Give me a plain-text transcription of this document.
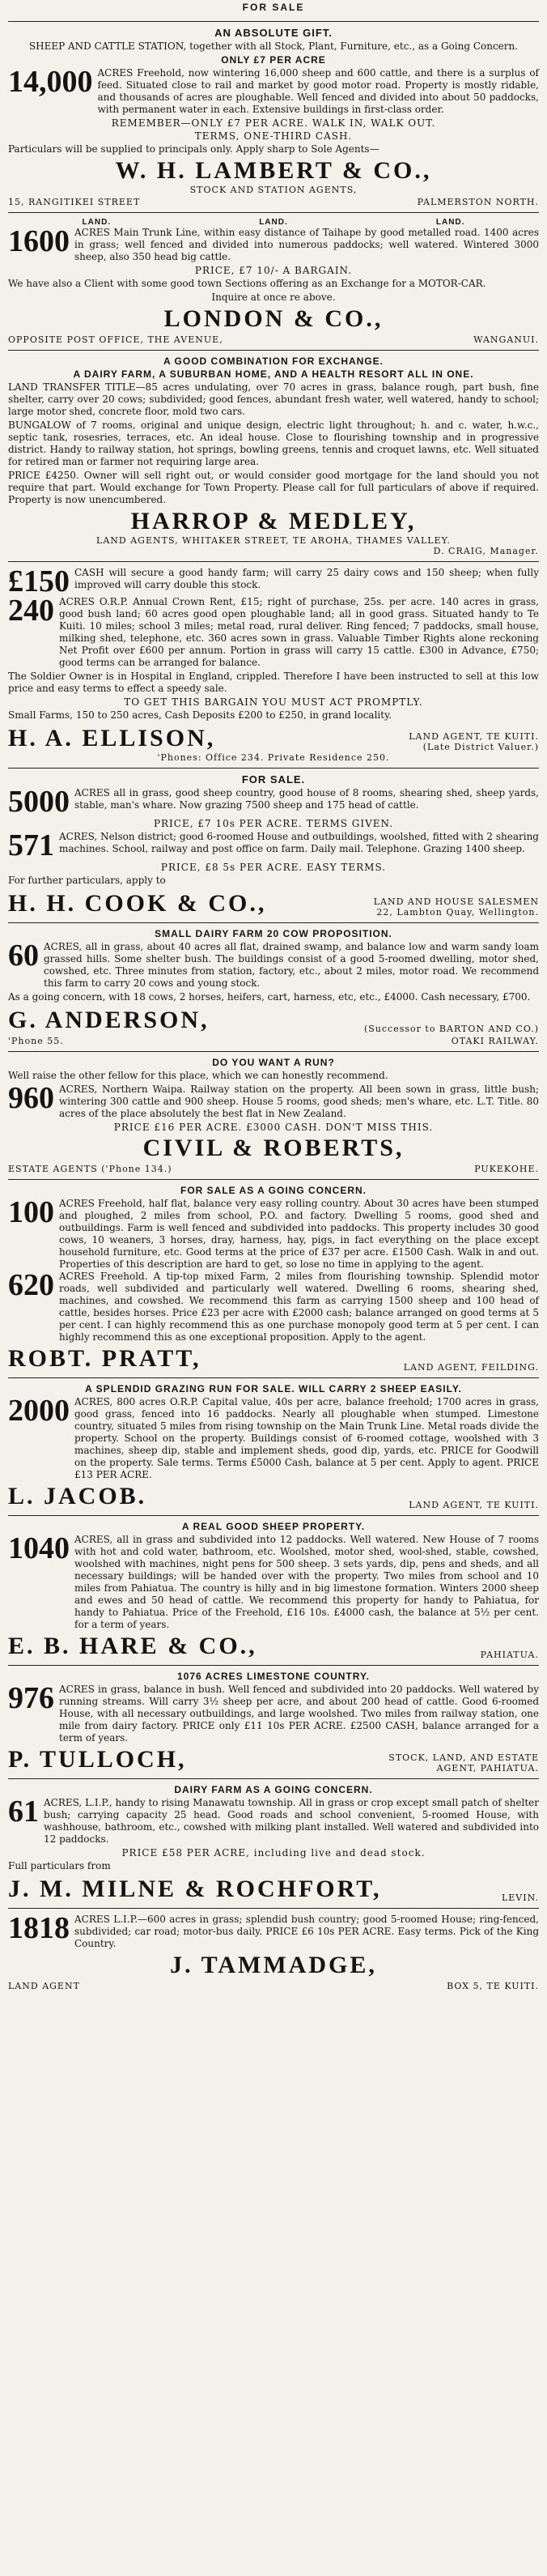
FOR SALE
AN ABSOLUTE GIFT.
SHEEP AND CATTLE STATION, together with all Stock, Plant, Furniture, etc., as a Going Concern.
ONLY £7 PER ACRE
14,000 ACRES Freehold, now wintering 16,000 sheep and 600 cattle, and there is a surplus of feed. Situated close to rail and market by good motor road. Property is mostly ridable, and thousands of acres are ploughable. Well fenced and divided into about 50 paddocks, with permanent water in each. Extensive buildings in first-class order.
REMEMBER—ONLY £7 PER ACRE. WALK IN, WALK OUT.
TERMS, ONE-THIRD CASH.
Particulars will be supplied to principals only. Apply sharp to Sole Agents—
W. H. LAMBERT & CO.,
STOCK AND STATION AGENTS,
15, RANGITIKEI STREET	PALMERSTON NORTH.
LAND.	LAND.	LAND.
1600 ACRES Main Trunk Line, within easy distance of Taihape by good metalled road. 1400 acres in grass; well fenced and divided into numerous paddocks; well watered. Wintered 3000 sheep, also 350 head big cattle.
PRICE, £7 10/- A BARGAIN.
We have also a Client with some good town Sections offering as an Exchange for a MOTOR-CAR.
Inquire at once re above.
LONDON & CO.,
OPPOSITE POST OFFICE, THE AVENUE,	WANGANUI.
A GOOD COMBINATION FOR EXCHANGE.
A DAIRY FARM, A SUBURBAN HOME, AND A HEALTH RESORT ALL IN ONE.
LAND TRANSFER TITLE—85 acres undulating, over 70 acres in grass, balance rough, part bush, fine shelter, carry over 20 cows; subdivided; good fences, abundant fresh water, well watered, handy to school; large motor shed, concrete floor, mold two cars.
BUNGALOW of 7 rooms, original and unique design, electric light throughout; h. and c. water, h.w.c., septic tank, rosesries, terraces, etc. An ideal house. Close to flourishing township and in progressive district. Handy to railway station, hot springs, bowling greens, tennis and croquet lawns, etc. Well situated for retired man or farmer not requiring large area.
PRICE £4250. Owner will sell right out, or would consider good mortgage for the land should you not require that part. Would exchange for Town Property. Please call for full particulars of above if required. Property is now unencumbered.
HARROP & MEDLEY,
LAND AGENTS, WHITAKER STREET, TE AROHA, THAMES VALLEY.
D. CRAIG, Manager.
£150 CASH will secure a good handy farm; will carry 25 dairy cows and 150 sheep; when fully improved will carry double this stock.
240 ACRES O.R.P. Annual Crown Rent, £15; right of purchase, 25s. per acre. 140 acres in grass, good bush land; 60 acres good open ploughable land; all in good grass. Situated handy to Te Kuiti. 10 miles; school 3 miles; metal road, rural deliver. Ring fenced; 7 paddocks, small house, milking shed, telephone, etc. 360 acres sown in grass. Valuable Timber Rights alone reckoning Net Profit over £600 per annum. Portion in grass will carry 15 cattle. £300 in Advance, £750; good terms can be arranged for balance.
The Soldier Owner is in Hospital in England, crippled. Therefore I have been instructed to sell at this low price and easy terms to effect a speedy sale.
TO GET THIS BARGAIN YOU MUST ACT PROMPTLY.
Small Farms, 150 to 250 acres, Cash Deposits £200 to £250, in grand locality.
H. A. ELLISON,	LAND AGENT, TE KUITI.
(Late District Valuer.)
'Phones: Office 234. Private Residence 250.
FOR SALE.
5000 ACRES all in grass, good sheep country, good house of 8 rooms, shearing shed, sheep yards, stable, man's whare. Now grazing 7500 sheep and 175 head of cattle.
PRICE, £7 10s PER ACRE. TERMS GIVEN.
571 ACRES, Nelson district; good 6-roomed House and outbuildings, woolshed, fitted with 2 shearing machines. School, railway and post office on farm. Daily mail. Telephone. Grazing 1400 sheep.
PRICE, £8 5s PER ACRE. EASY TERMS.
For further particulars, apply to
H. H. COOK & CO.,	LAND AND HOUSE SALESMEN
22, Lambton Quay, Wellington.
SMALL DAIRY FARM 20 COW PROPOSITION.
60 ACRES, all in grass, about 40 acres all flat, drained swamp, and balance low and warm sandy loam grassed hills. Some shelter bush. The buildings consist of a good 5-roomed dwelling, motor shed, cowshed, etc. Three minutes from station, factory, etc., about 2 miles, motor road. We recommend this farm to carry 20 cows and young stock.
As a going concern, with 18 cows, 2 horses, heifers, cart, harness, etc, etc., £4000. Cash necessary, £700.
G. ANDERSON,	(Successor to BARTON AND CO.)
'Phone 55.	OTAKI RAILWAY.
DO YOU WANT A RUN?
Well raise the other fellow for this place, which we can honestly recommend.
960 ACRES, Northern Waipa. Railway station on the property. All been sown in grass, little bush; wintering 300 cattle and 900 sheep. House 5 rooms, good sheds; men's whare, etc. L.T. Title. 80 acres of the place absolutely the best flat in New Zealand.
PRICE £16 PER ACRE. £3000 CASH. DON'T MISS THIS.
CIVIL & ROBERTS,
ESTATE AGENTS ('Phone 134.)	PUKEKOHE.
FOR SALE AS A GOING CONCERN.
100 ACRES Freehold, half flat, balance very easy rolling country. About 30 acres have been stumped and ploughed, 2 miles from school, P.O. and factory. Dwelling 5 rooms, good shed and outbuildings. Farm is well fenced and subdivided into paddocks. This property includes 30 good cows, 10 weaners, 3 horses, dray, harness, hay, pigs, in fact everything on the place except household furniture, etc. Good terms at the price of £37 per acre. £1500 Cash. Walk in and out. Properties of this description are hard to get, so lose no time in applying to the agent.
620 ACRES Freehold. A tip-top mixed Farm, 2 miles from flourishing township. Splendid motor roads, well subdivided and particularly well watered. Dwelling 6 rooms, shearing shed, machines, and cowshed. We recommend this farm as carrying 1500 sheep and 100 head of cattle, besides horses. Price £23 per acre with £2000 cash; balance arranged on good terms at 5 per cent. I can highly recommend this as one purchase monopoly good term at 5 per cent. I can highly recommend this as one exceptional proposition. Apply to the agent.
ROBT. PRATT,	LAND AGENT, FEILDING.
A SPLENDID GRAZING RUN FOR SALE. WILL CARRY 2 SHEEP EASILY.
2000 ACRES, 800 acres O.R.P. Capital value, 40s per acre, balance freehold; 1700 acres in grass, good grass, fenced into 16 paddocks. Nearly all ploughable when stumped. Limestone country, situated 5 miles from rising township on the Main Trunk Line. Metal roads divide the property. School on the property. Buildings consist of 6-roomed cottage, woolshed with 3 machines, sheep dip, stable and implement sheds, good dip, yards, etc. PRICE for Goodwill on the property. Sale terms. Terms £5000 Cash, balance at 5 per cent. Apply to agent. PRICE £13 PER ACRE.
L. JACOB.	LAND AGENT, TE KUITI.
A REAL GOOD SHEEP PROPERTY.
1040 ACRES, all in grass and subdivided into 12 paddocks. Well watered. New House of 7 rooms with hot and cold water, bathroom, etc. Woolshed, motor shed, wool-shed, stable, cowshed, woolshed with machines, night pens for 500 sheep. 3 sets yards, dip, pens and sheds, and all necessary buildings; will be handed over with the property. Two miles from school and 10 miles from Pahiatua. The country is hilly and in big limestone formation. Winters 2000 sheep and ewes and 50 head of cattle. We recommend this property for handy to Pahiatua, for handy to Pahiatua. Price of the Freehold, £16 10s. £4000 cash, the balance at 5½ per cent. for a term of years.
E. B. HARE & CO.,	PAHIATUA.
1076 ACRES LIMESTONE COUNTRY.
976 ACRES in grass, balance in bush. Well fenced and subdivided into 20 paddocks. Well watered by running streams. Will carry 3½ sheep per acre, and about 200 head of cattle. Good 6-roomed House, with all necessary outbuildings, and large woolshed. Two miles from railway station, one mile from dairy factory. PRICE only £11 10s PER ACRE. £2500 CASH, balance arranged for a term of years.
P. TULLOCH,	STOCK, LAND, AND ESTATE AGENT, PAHIATUA.
DAIRY FARM AS A GOING CONCERN.
61 ACRES, L.I.P., handy to rising Manawatu township. All in grass or crop except small patch of shelter bush; carrying capacity 25 head. Good roads and school convenient, 5-roomed House, with washhouse, bathroom, etc., cowshed with milking plant installed. Well watered and subdivided into 12 paddocks.
PRICE £58 PER ACRE, including live and dead stock.
Full particulars from
J. M. MILNE & ROCHFORT,	LEVIN.
1818 ACRES L.I.P.—600 acres in grass; splendid bush country; good 5-roomed House; ring-fenced, subdivided; car road; motor-bus daily. PRICE £6 10s PER ACRE. Easy terms. Pick of the King Country.
J. TAMMADGE,
LAND AGENT	BOX 5, TE KUITI.
